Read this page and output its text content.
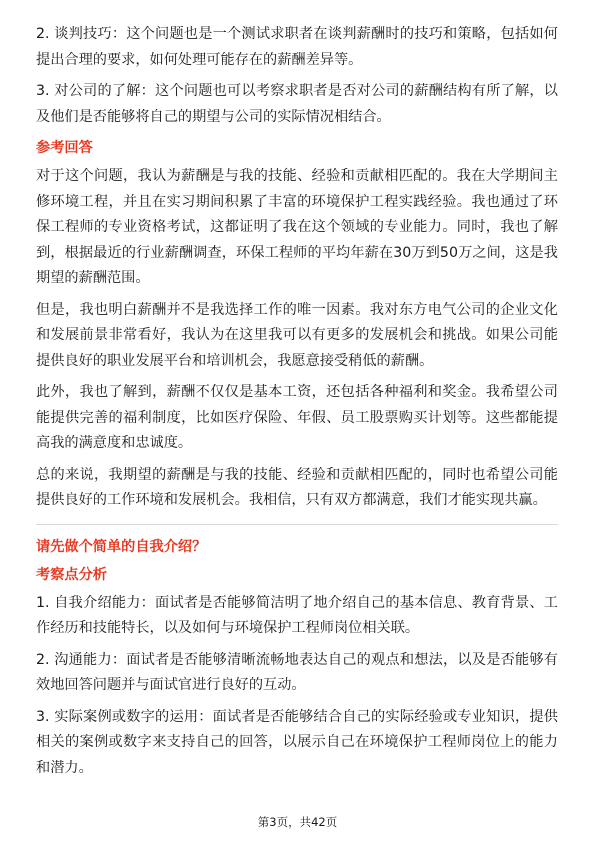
2. 谈判技巧：这个问题也是一个测试求职者在谈判薪酬时的技巧和策略，包括如何提出合理的要求，如何处理可能存在的薪酬差异等。

3. 对公司的了解：这个问题也可以考察求职者是否对公司的薪酬结构有所了解，以及他们是否能够将自己的期望与公司的实际情况相结合。

参考回答

对于这个问题，我认为薪酬是与我的技能、经验和贡献相匹配的。我在大学期间主修环境工程，并且在实习期间积累了丰富的环境保护工程实践经验。我也通过了环保工程师的专业资格考试，这都证明了我在这个领域的专业能力。同时，我也了解到，根据最近的行业薪酬调查，环保工程师的平均年薪在30万到50万之间，这是我期望的薪酬范围。

但是，我也明白薪酬并不是我选择工作的唯一因素。我对东方电气公司的企业文化和发展前景非常看好，我认为在这里我可以有更多的发展机会和挑战。如果公司能提供良好的职业发展平台和培训机会，我愿意接受稍低的薪酬。

此外，我也了解到，薪酬不仅仅是基本工资，还包括各种福利和奖金。我希望公司能提供完善的福利制度，比如医疗保险、年假、员工股票购买计划等。这些都能提高我的满意度和忠诚度。

总的来说，我期望的薪酬是与我的技能、经验和贡献相匹配的，同时也希望公司能提供良好的工作环境和发展机会。我相信，只有双方都满意，我们才能实现共赢。

请先做个简单的自我介绍？
考察点分析

1. 自我介绍能力：面试者是否能够简洁明了地介绍自己的基本信息、教育背景、工作经历和技能特长，以及如何与环境保护工程师岗位相关联。

2. 沟通能力：面试者是否能够清晰流畅地表达自己的观点和想法，以及是否能够有效地回答问题并与面试官进行良好的互动。

3. 实际案例或数字的运用：面试者是否能够结合自己的实际经验或专业知识，提供相关的案例或数字来支持自己的回答，以展示自己在环境保护工程师岗位上的能力和潜力。

第3页，共42页
